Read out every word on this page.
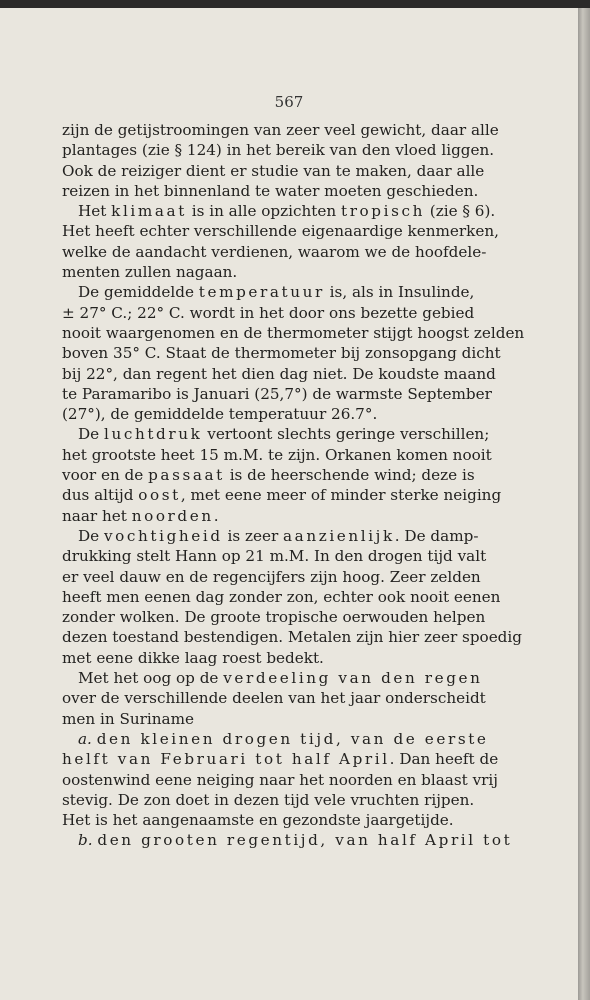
567
zijn de getijstroomingen van zeer veel gewicht, daar alle
plantages (zie § 124) in het bereik van den vloed liggen.
Ook de reiziger dient er studie van te maken, daar alle
reizen in het binnenland te water moeten geschieden.
Het klimaat is in alle opzichten tropisch (zie § 6).
Het heeft echter verschillende eigenaardige kenmerken,
welke de aandacht verdienen, waarom we de hoofdele-
menten zullen nagaan.
De gemiddelde temperatuur is, als in Insulinde,
± 27° C.; 22° C. wordt in het door ons bezette gebied
nooit waargenomen en de thermometer stijgt hoogst zelden
boven 35° C. Staat de thermometer bij zonsopgang dicht
bij 22°, dan regent het dien dag niet. De koudste maand
te Paramaribo is Januari (25,7°) de warmste September
(27°), de gemiddelde temperatuur 26.7°.
De luchtdruk vertoont slechts geringe verschillen;
het grootste heet 15 m.M. te zijn. Orkanen komen nooit
voor en de passaat is de heerschende wind; deze is
dus altijd oost, met eene meer of minder sterke neiging
naar het noorden.
De vochtigheid is zeer aanzienlijk. De damp-
drukking stelt Hann op 21 m.M. In den drogen tijd valt
er veel dauw en de regencijfers zijn hoog. Zeer zelden
heeft men eenen dag zonder zon, echter ook nooit eenen
zonder wolken. De groote tropische oerwouden helpen
dezen toestand bestendigen. Metalen zijn hier zeer spoedig
met eene dikke laag roest bedekt.
Met het oog op de verdeeling van den regen
over de verschillende deelen van het jaar onderscheidt
men in Suriname
a. den kleinen drogen tijd, van de eerste
helft van Februari tot half April. Dan heeft de
oostenwind eene neiging naar het noorden en blaast vrij
stevig. De zon doet in dezen tijd vele vruchten rijpen.
Het is het aangenaamste en gezondste jaargetijde.
b. den grooten regentijd, van half April tot
